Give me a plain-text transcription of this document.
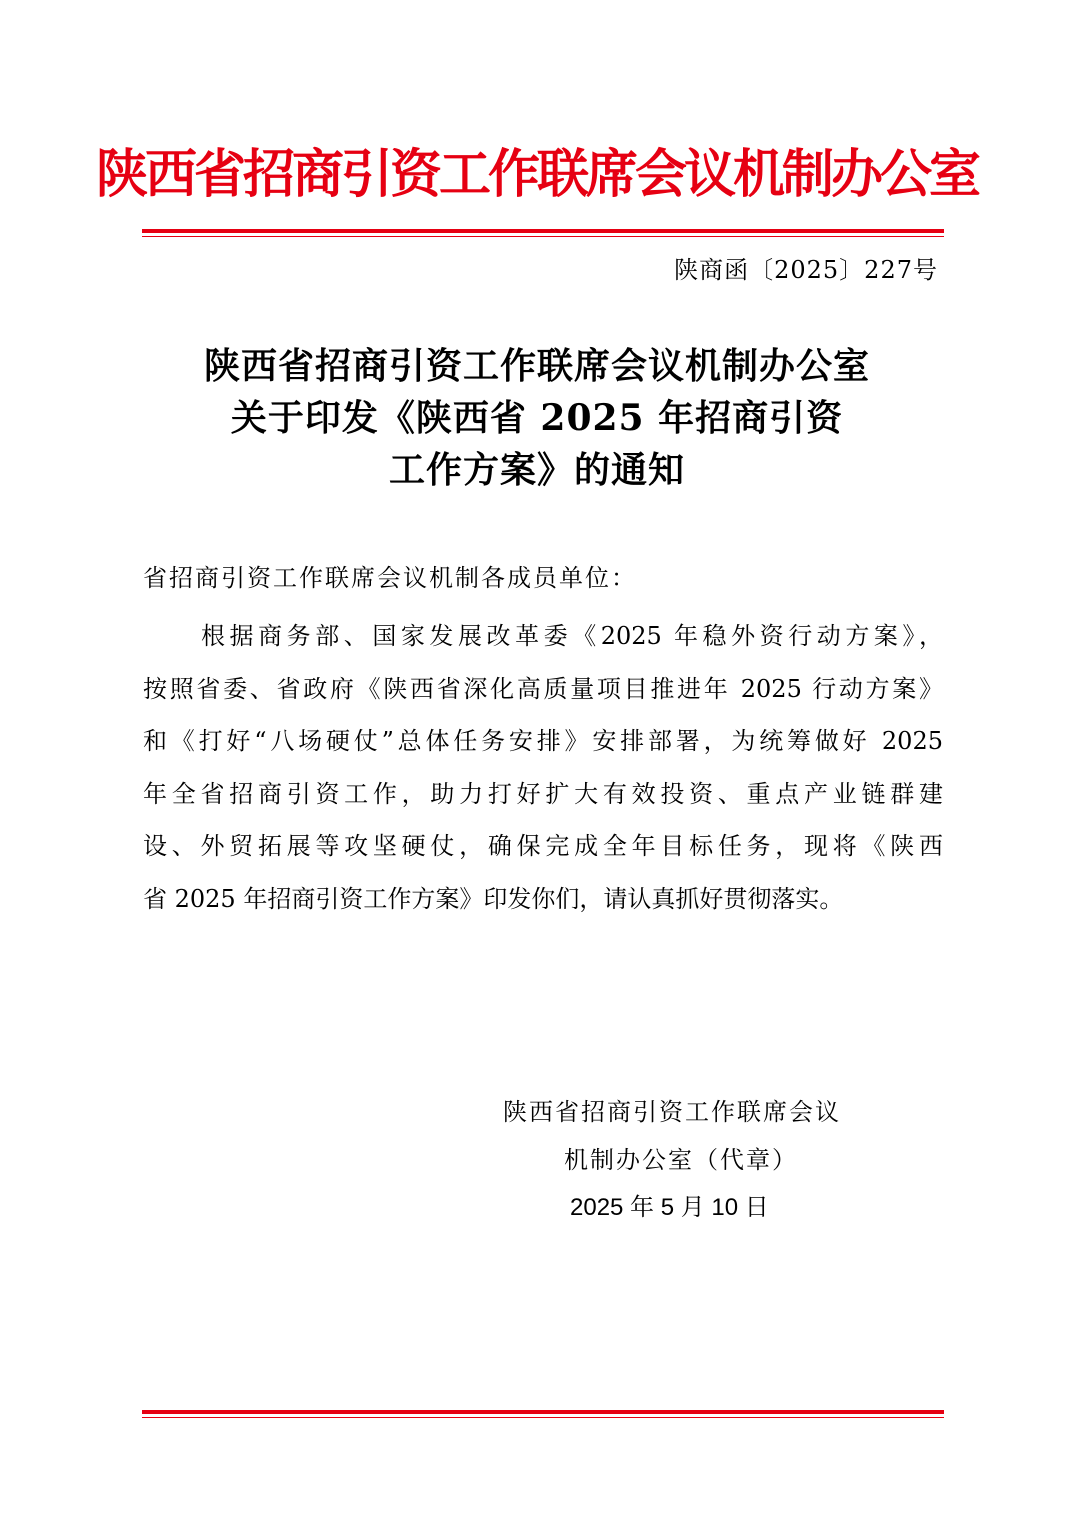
陕西省招商引资工作联席会议机制办公室
陕商函〔2025〕227号
陕西省招商引资工作联席会议机制办公室
关于印发《陕西省 2025 年招商引资
工作方案》的通知
省招商引资工作联席会议机制各成员单位：
根据商务部、国家发展改革委《2025 年稳外资行动方案》，
按照省委、省政府《陕西省深化高质量项目推进年 2025 行动方案》
和《打好“八场硬仗”总体任务安排》安排部署，为统筹做好 2025
年全省招商引资工作，助力打好扩大有效投资、重点产业链群建
设、外贸拓展等攻坚硬仗，确保完成全年目标任务，现将《陕西
省 2025 年招商引资工作方案》印发你们，请认真抓好贯彻落实。
陕西省招商引资工作联席会议
机制办公室（代章）
2025 年 5 月 10 日
